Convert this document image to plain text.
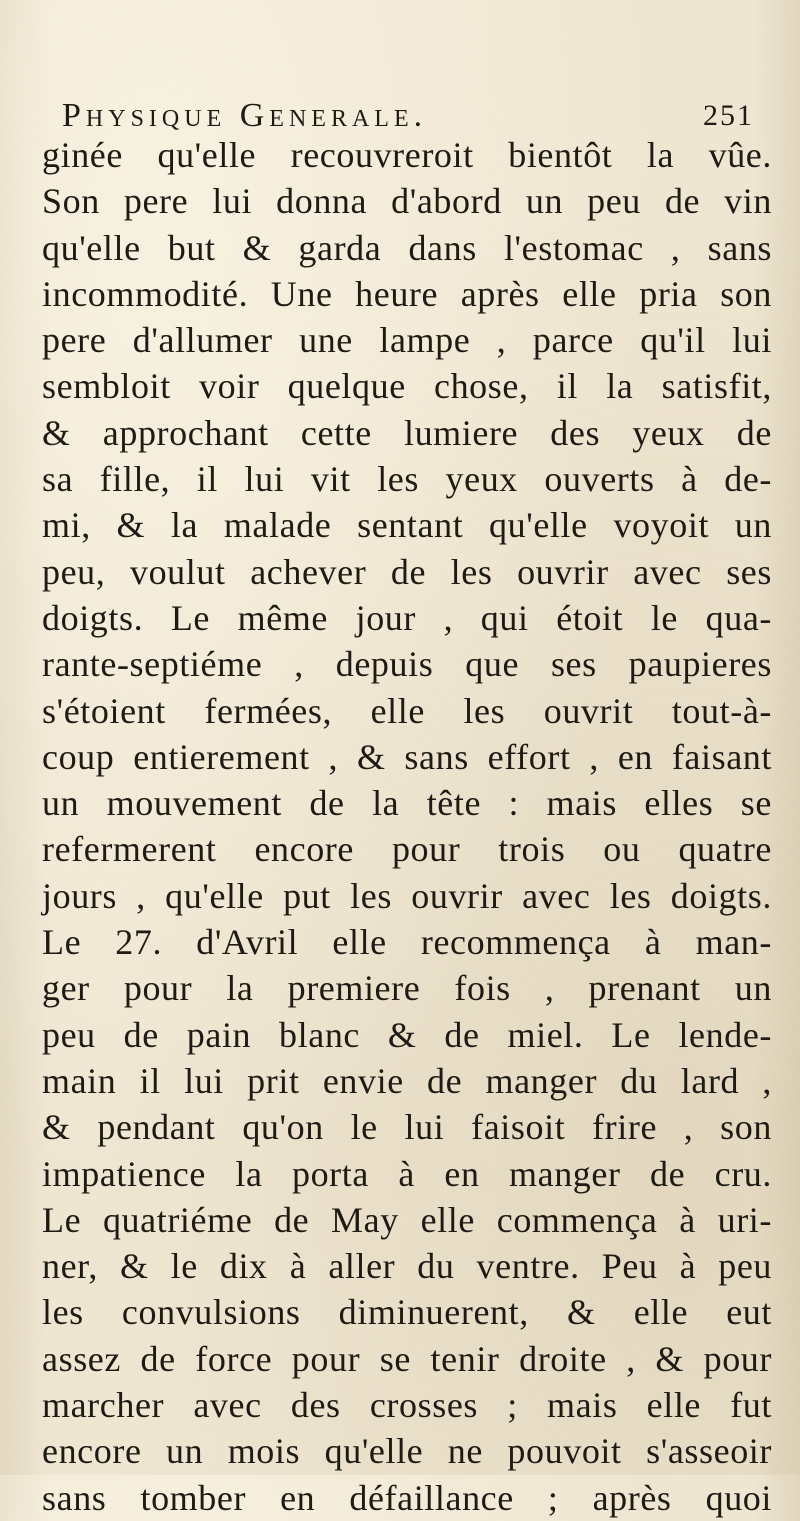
Physique Generale.	251
ginée qu'elle recouvreroit bientôt la vûe.
Son pere lui donna d'abord un peu de vin
qu'elle but & garda dans l'estomac , sans
incommodité. Une heure après elle pria son
pere d'allumer une lampe , parce qu'il lui
sembloit voir quelque chose, il la satisfit,
& approchant cette lumiere des yeux de
sa fille, il lui vit les yeux ouverts à de-
mi, & la malade sentant qu'elle voyoit un
peu, voulut achever de les ouvrir avec ses
doigts. Le même jour , qui étoit le qua-
rante-septiéme , depuis que ses paupieres
s'étoient fermées, elle les ouvrit tout-à-
coup entierement , & sans effort , en faisant
un mouvement de la tête : mais elles se
refermerent encore pour trois ou quatre
jours , qu'elle put les ouvrir avec les doigts.
Le 27. d'Avril elle recommença à man-
ger pour la premiere fois , prenant un
peu de pain blanc & de miel. Le lende-
main il lui prit envie de manger du lard ,
& pendant qu'on le lui faisoit frire , son
impatience la porta à en manger de cru.
Le quatriéme de May elle commença à uri-
ner, & le dix à aller du ventre. Peu à peu
les convulsions diminuerent, & elle eut
assez de force pour se tenir droite , & pour
marcher avec des crosses ; mais elle fut
encore un mois qu'elle ne pouvoit s'asseoir
sans tomber en défaillance ; après quoi
